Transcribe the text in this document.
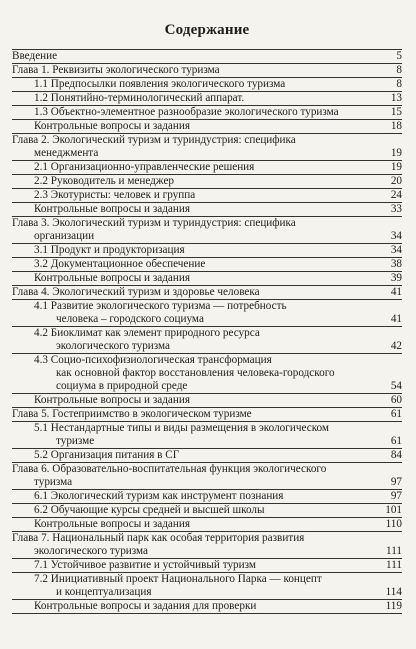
Содержание
Введение	5
Глава 1. Реквизиты экологического туризма	8
1.1 Предпосылки появления экологического туризма	8
1.2 Понятийно-терминологический аппарат.	13
1.3 Объектно-элементное разнообразие экологического туризма	15
Контрольные вопросы и задания	18
Глава 2. Экологический туризм и туриндустрия: специфика
менеджмента	19
2.1 Организационно-управленческие решения	19
2.2 Руководитель и менеджер	20
2.3 Экотуристы: человек и группа	24
Контрольные вопросы и задания	33
Глава 3. Экологический туризм и туриндустрия: специфика
организации	34
3.1 Продукт и продукторизация	34
3.2 Документационное обеспечение	38
Контрольные вопросы и задания	39
Глава 4. Экологический туризм и здоровье человека	41
4.1 Развитие экологического туризма — потребность
человека – городского социума	41
4.2 Биоклимат как элемент природного ресурса
экологического туризма	42
4.3 Социо-психофизиологическая трансформация
как основной фактор восстановления человека-городского
социума в природной среде	54
Контрольные вопросы и задания	60
Глава 5. Гостеприимство в экологическом туризме	61
5.1 Нестандартные типы и виды размещения в экологическом
туризме	61
5.2 Организация питания в СГ	84
Глава 6. Образовательно-воспитательная функция экологического
туризма	97
6.1 Экологический туризм как инструмент познания	97
6.2 Обучающие курсы средней и высшей школы	101
Контрольные вопросы и задания	110
Глава 7. Национальный парк как особая территория развития
экологического туризма	111
7.1 Устойчивое развитие и устойчивый туризм	111
7.2 Инициативный проект Национального Парка — концепт
и концептуализация	114
Контрольные вопросы и задания для проверки	119
